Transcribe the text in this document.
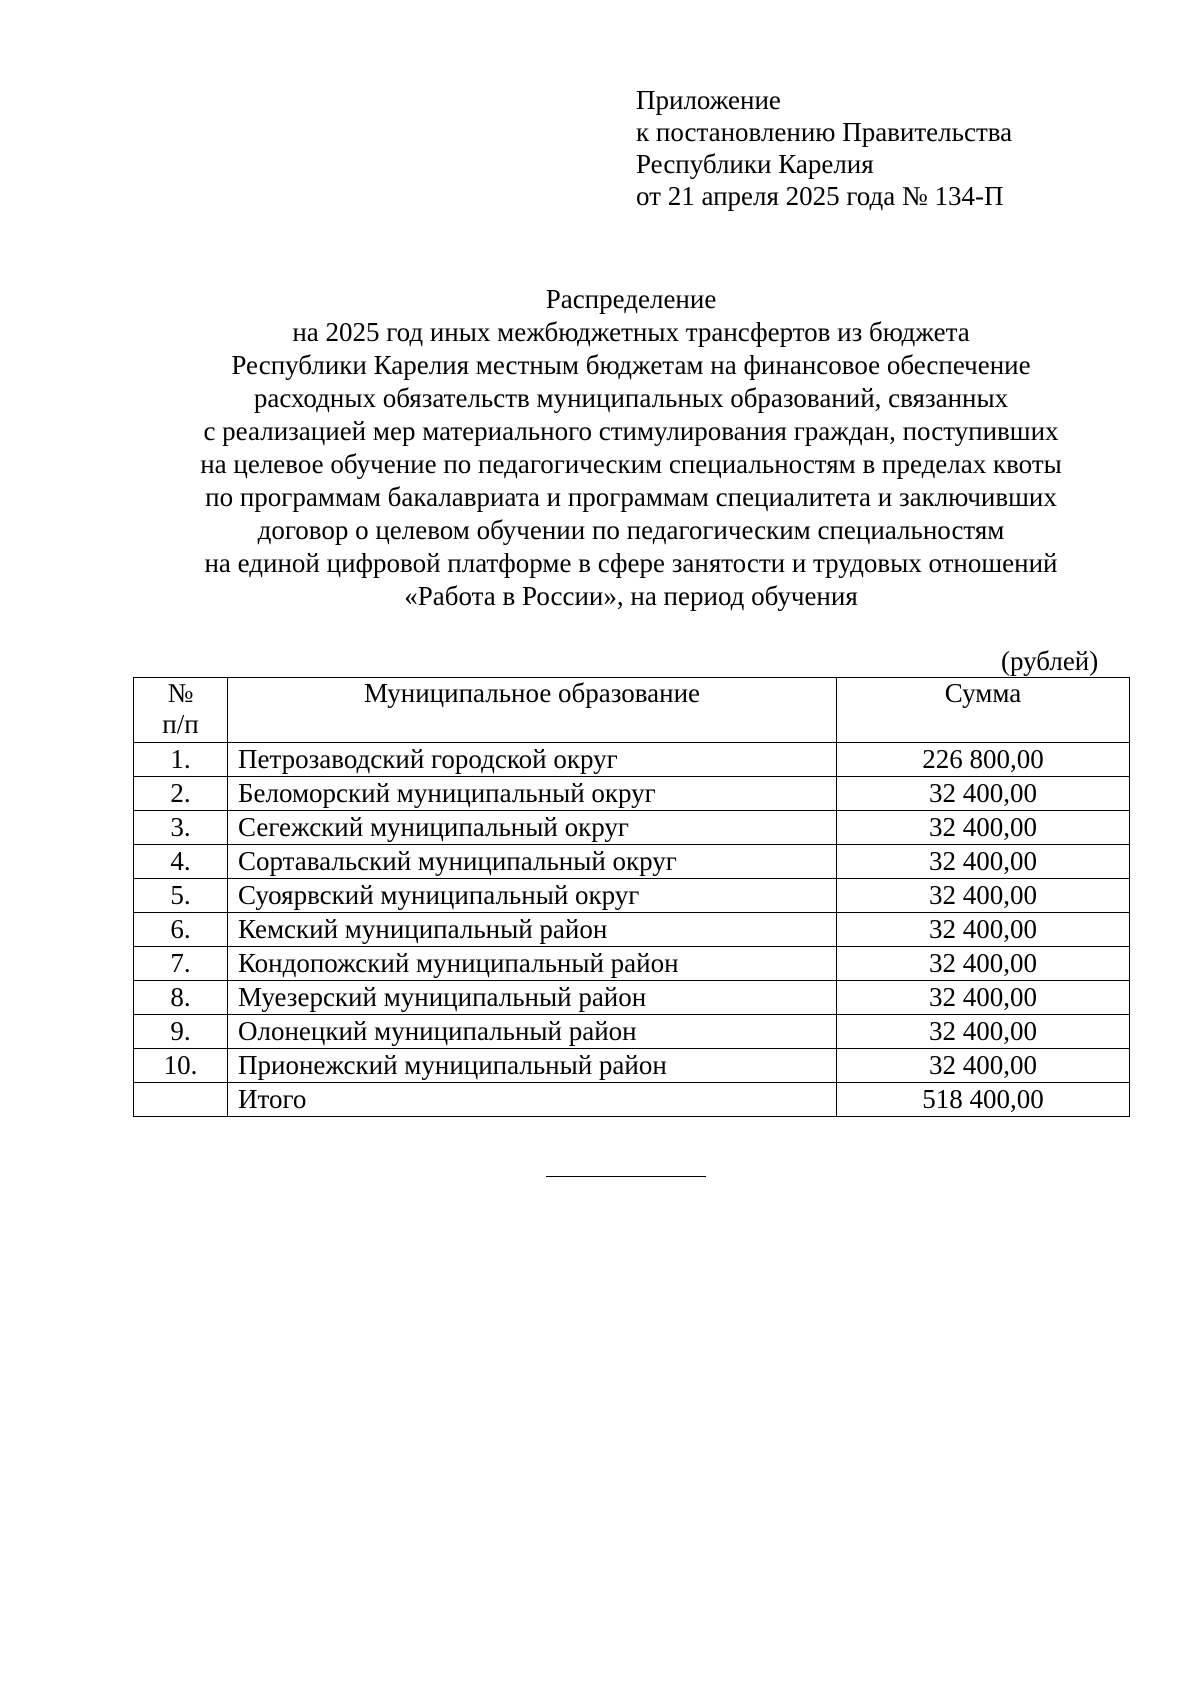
Приложение
к постановлению Правительства
Республики Карелия
от 21 апреля 2025 года № 134-П
Распределение
на 2025 год иных межбюджетных трансфертов из бюджета
Республики Карелия местным бюджетам на финансовое обеспечение
расходных обязательств муниципальных образований, связанных
с реализацией мер материального стимулирования граждан, поступивших
на целевое обучение по педагогическим специальностям в пределах квоты
по программам бакалавриата и программам специалитета и заключивших
договор о целевом обучении по педагогическим специальностям
на единой цифровой платформе в сфере занятости и трудовых отношений
«Работа в России», на период обучения
(рублей)
№
п/п	Муниципальное образование	Сумма
1.	Петрозаводский городской округ	226 800,00
2.	Беломорский муниципальный округ	32 400,00
3.	Сегежский муниципальный округ	32 400,00
4.	Сортавальский муниципальный округ	32 400,00
5.	Суоярвский муниципальный округ	32 400,00
6.	Кемский муниципальный район	32 400,00
7.	Кондопожский муниципальный район	32 400,00
8.	Муезерский муниципальный район	32 400,00
9.	Олонецкий муниципальный район	32 400,00
10.	Прионежский муниципальный район	32 400,00
	Итого	518 400,00
